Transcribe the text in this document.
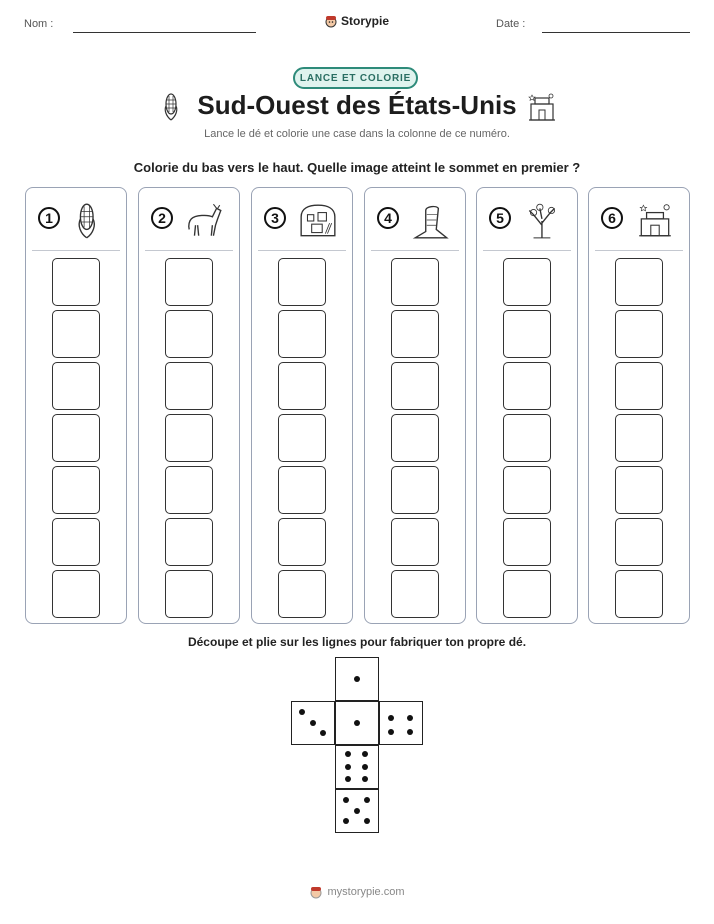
Nom :	Storypie	Date :
LANCE ET COLORIE
Sud-Ouest des États-Unis
Lance le dé et colorie une case dans la colonne de ce numéro.
Colorie du bas vers le haut. Quelle image atteint le sommet en premier ?
1	2	3	4	5	6
Découpe et plie sur les lignes pour fabriquer ton propre dé.
mystorypie.com
